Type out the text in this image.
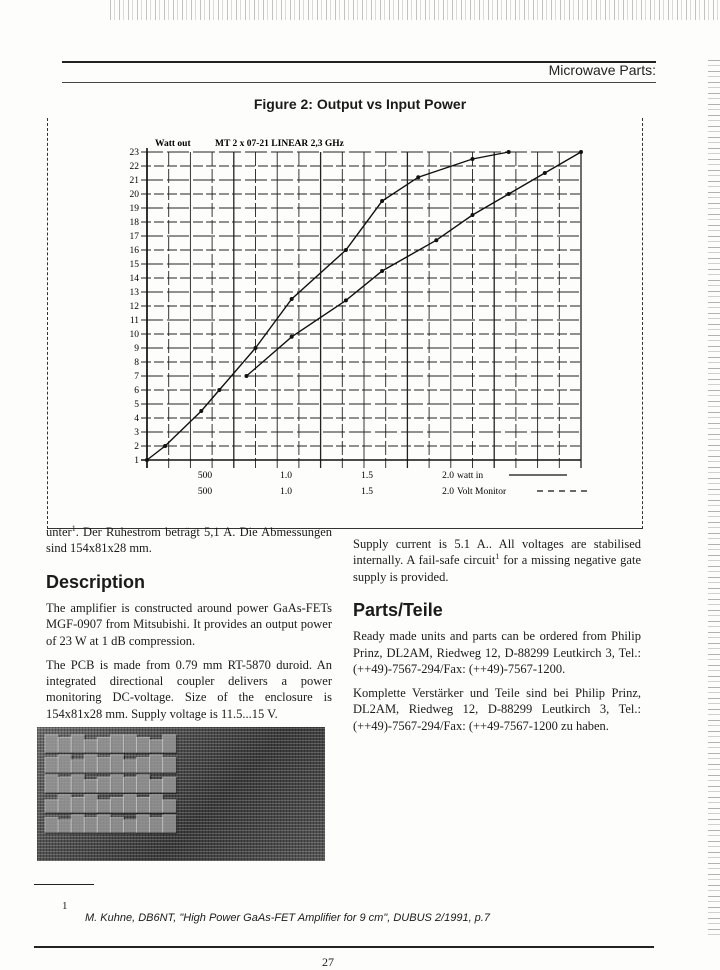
Microwave Parts:
Figure 2: Output vs Input Power
1
2
3
4
5
6
7
8
9
10
11
12
13
14
15
16
17
18
19
20
21
22
23
Watt out	MT 2 x 07-21 LINEAR 2,3 GHz
500	1.0	1.5	2.0
500	1.0	1.5	2.0
watt in
Volt Monitor

unter$^1$. Der Ruhestrom beträgt 5,1 A. Die Abmessungen sind 154x81x28 mm.

Description

The amplifier is constructed around power GaAs-FETs MGF-0907 from Mitsubishi. It provides an output power of 23 W at 1 dB compression.

The PCB is made from 0.79 mm RT-5870 duroid. An integrated directional coupler delivers a power monitoring DC-voltage. Size of the enclosure is 154x81x28 mm. Supply voltage is 11.5...15 V.

▇▆▇▅▆▇▇▆▅▇
▆▇▅▇▆▇▅▆▇▆
▇▆▇▅▆▇▆▇▅▆
▅▇▆▇▅▆▇▆▇▅
▆▅▇▆▇▆▅▇▆▇

Supply current is 5.1 A.. All voltages are stabilised internally. A fail-safe circuit$^1$ for a missing negative gate supply is provided.

Parts/Teile

Ready made units and parts can be ordered from Philip Prinz, DL2AM, Riedweg 12, D-88299 Leutkirch 3, Tel.: (++49)-7567-294/Fax: (++49)-7567-1200.

Komplette Verstärker und Teile sind bei Philip Prinz, DL2AM, Riedweg 12, D-88299 Leutkirch 3, Tel.: (++49)-7567-294/Fax: (++49-7567-1200 zu haben.

1
M. Kuhne, DB6NT, "High Power GaAs-FET Amplifier for 9 cm", DUBUS 2/1991, p.7
27
